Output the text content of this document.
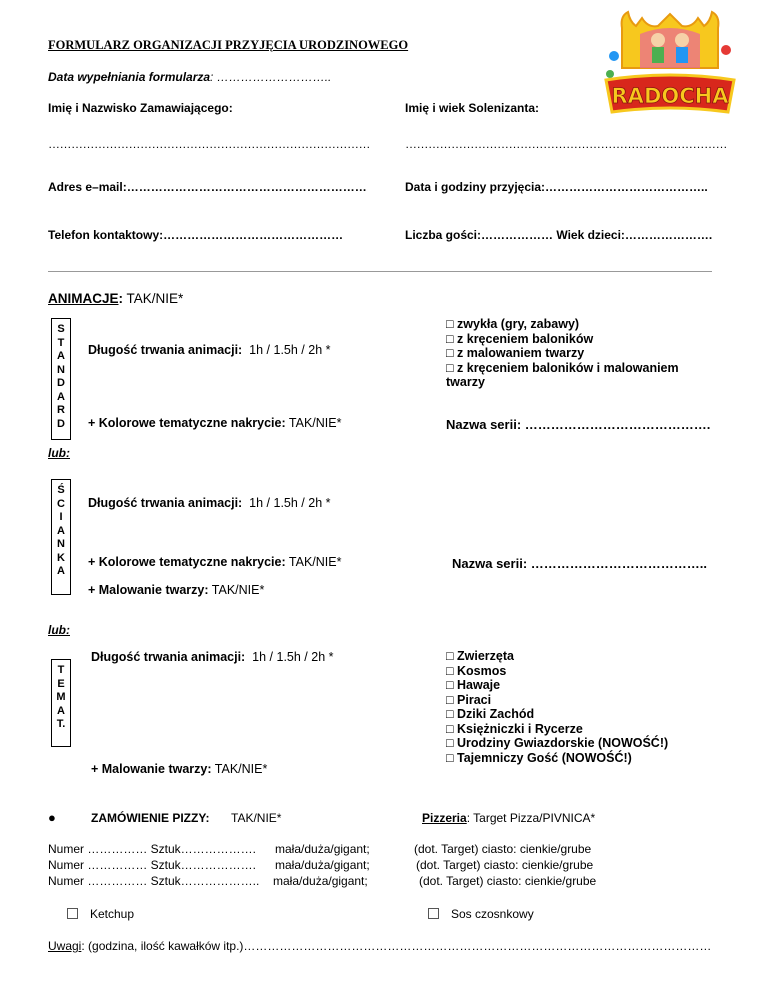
FORMULARZ ORGANIZACJI PRZYJĘCIA URODZINOWEGO
Data wypełniania formularza: ………………………..
RADOCHA
Imię i Nazwisko Zamawiającego:	Imię i wiek Solenizanta:
…………………………………………………………………………	…………………………………………………………………………
Adres e–mail:……………………………………………………	Data i godziny przyjęcia:…………………………………..
Telefon kontaktowy:………………………………………	Liczba gości:……………… Wiek dzieci:………………….
ANIMACJE: TAK/NIE*
S
T
A
N
D
A
R
D
Długość trwania animacji: 1h / 1.5h / 2h *
+ Kolorowe tematyczne nakrycie: TAK/NIE*
□ zwykła (gry, zabawy)
□ z kręceniem baloników
□ z malowaniem twarzy
□ z kręceniem baloników i malowaniem
twarzy
Nazwa serii: …………………………………….
lub:
Ś
C
I
A
N
K
A
Długość trwania animacji: 1h / 1.5h / 2h *
+ Kolorowe tematyczne nakrycie: TAK/NIE*	Nazwa serii: …………………………………..
+ Malowanie twarzy: TAK/NIE*
lub:
T
E
M
A
T.
Długość trwania animacji: 1h / 1.5h / 2h *	□ Zwierzęta
□ Kosmos
□ Hawaje
□ Piraci
□ Dziki Zachód
□ Księżniczki i Rycerze
□ Urodziny Gwiazdorskie (NOWOŚĆ!)
□ Tajemniczy Gość (NOWOŚĆ!)
+ Malowanie twarzy: TAK/NIE*
●	ZAMÓWIENIE PIZZY: TAK/NIE*	Pizzeria: Target Pizza/PIVNICA*
Numer …………… Sztuk………………. mała/duża/gigant;	(dot. Target) ciasto: cienkie/grube
Numer …………… Sztuk………………. mała/duża/gigant;	(dot. Target) ciasto: cienkie/grube
Numer …………… Sztuk……………….. mała/duża/gigant;	(dot. Target) ciasto: cienkie/grube
Ketchup	Sos czosnkowy
Uwagi: (godzina, ilość kawałków itp.)………………………………………………………………………………………………………
